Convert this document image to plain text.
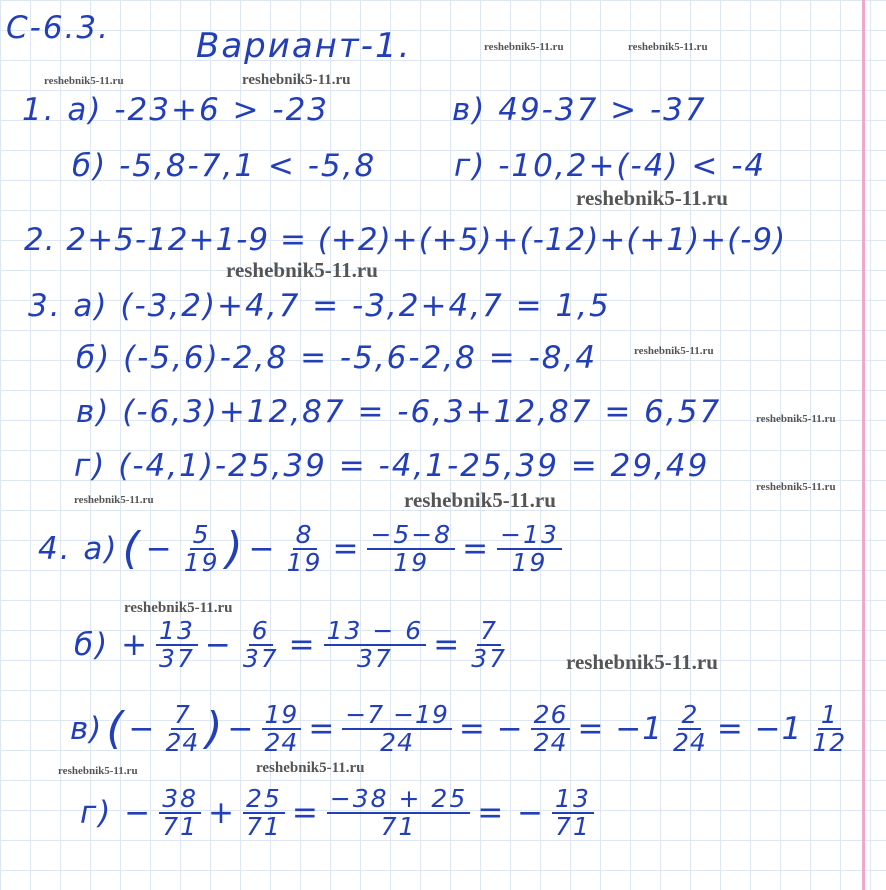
С-6.3.	Вариант-1.
1. а) -23+6 > -23	в) 49-37 > -37
б) -5,8-7,1 < -5,8	г) -10,2+(-4) < -4
2. 2+5-12+1-9 = (+2)+(+5)+(-12)+(+1)+(-9)
3. а) (-3,2)+4,7 = -3,2+4,7 = 1,5
б) (-5,6)-2,8 = -5,6-2,8 = -8,4
в) (-6,3)+12,87 = -6,3+12,87 = 6,57
г) (-4,1)-25,39 = -4,1-25,39 = 29,49
4. $а)( - \frac{5}{19}$ ) − $\frac{8}{19} = \frac{-5-8}{19} = \frac{-13}{19}$
$б) + \frac{13}{37} - \frac{6}{37} = \frac{13 - 6}{37} = \frac{7}{37}$
$в)( - \frac{7}{24}$ ) − $\frac{19}{24} = \frac{-7 -19}{24}$ = − $\frac{26}{24} = -1 \frac{2}{24} = -1 \frac{1}{12}$
$г) - \frac{38}{71} + \frac{25}{71} = \frac{-38 + 25}{71}$ = − $\frac{13}{71}$
reshebnik5-11.ru	reshebnik5-11.ru
reshebnik5-11.ru	reshebnik5-11.ru
reshebnik5-11.ru
reshebnik5-11.ru
reshebnik5-11.ru
reshebnik5-11.ru
reshebnik5-11.ru
reshebnik5-11.ru	reshebnik5-11.ru
reshebnik5-11.ru
reshebnik5-11.ru
reshebnik5-11.ru	reshebnik5-11.ru
